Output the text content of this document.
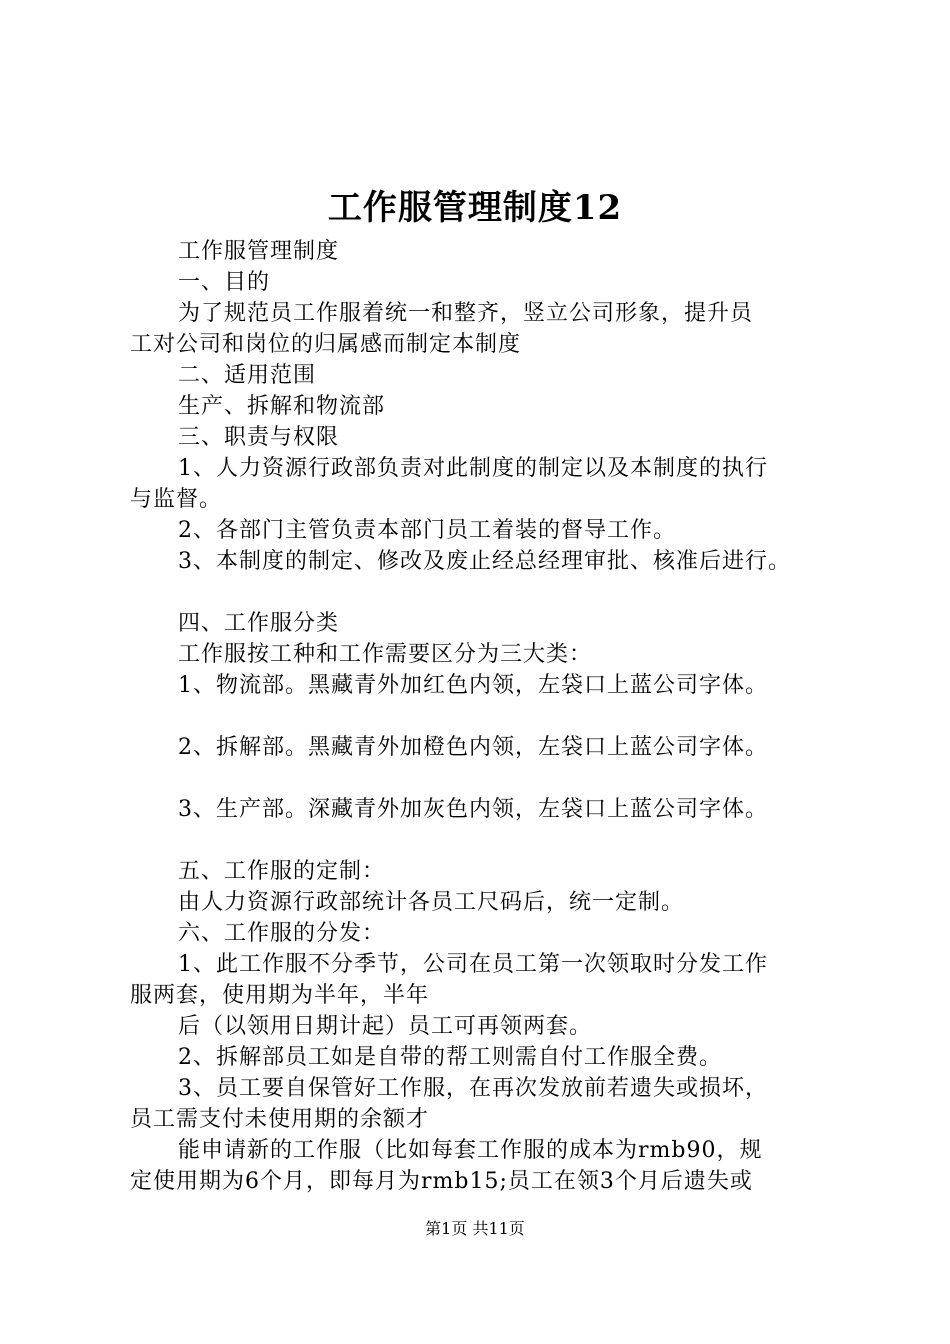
工作服管理制度12
工作服管理制度
一、目的
为了规范员工作服着统一和整齐，竖立公司形象，提升员
工对公司和岗位的归属感而制定本制度
二、适用范围
生产、拆解和物流部
三、职责与权限
1、人力资源行政部负责对此制度的制定以及本制度的执行
与监督。
2、各部门主管负责本部门员工着装的督导工作。
3、本制度的制定、修改及废止经总经理审批、核准后进行。
四、工作服分类
工作服按工种和工作需要区分为三大类：
1、物流部。黑藏青外加红色内领，左袋口上蓝公司字体。
2、拆解部。黑藏青外加橙色内领，左袋口上蓝公司字体。
3、生产部。深藏青外加灰色内领，左袋口上蓝公司字体。
五、工作服的定制：
由人力资源行政部统计各员工尺码后，统一定制。
六、工作服的分发：
1、此工作服不分季节，公司在员工第一次领取时分发工作
服两套，使用期为半年，半年
后（以领用日期计起）员工可再领两套。
2、拆解部员工如是自带的帮工则需自付工作服全费。
3、员工要自保管好工作服，在再次发放前若遗失或损坏，
员工需支付未使用期的余额才
能申请新的工作服（比如每套工作服的成本为rmb90，规
定使用期为6个月，即每月为rmb15;员工在领3个月后遗失或
第1页 共11页
